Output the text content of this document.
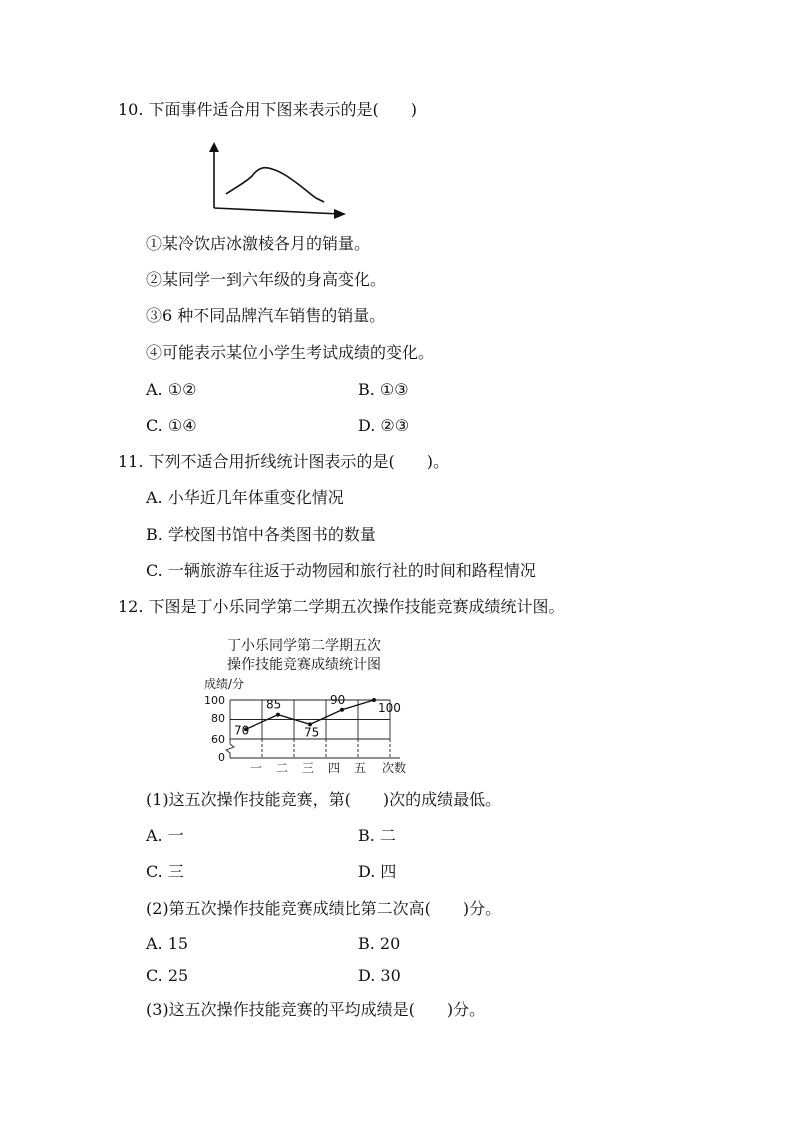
10. 下面事件适合用下图来表示的是(　　)
①某冷饮店冰激棱各月的销量。
②某同学一到六年级的身高变化。
③6 种不同品牌汽车销售的销量。
④可能表示某位小学生考试成绩的变化。
A. ①②	B. ①③
C. ①④	D. ②③
11. 下列不适合用折线统计图表示的是(　　)。
A. 小华近几年体重变化情况
B. 学校图书馆中各类图书的数量
C. 一辆旅游车往返于动物园和旅行社的时间和路程情况
12. 下图是丁小乐同学第二学期五次操作技能竞赛成绩统计图。
丁小乐同学第二学期五次
操作技能竞赛成绩统计图
成绩/分
70
85
75
90
100
100
80
60
0
一 二 三 四 五 次数
(1)这五次操作技能竞赛，第(　　)次的成绩最低。
A. 一	B. 二
C. 三	D. 四
(2)第五次操作技能竞赛成绩比第二次高(　　)分。
A. 15	B. 20
C. 25	D. 30
(3)这五次操作技能竞赛的平均成绩是(　　)分。
